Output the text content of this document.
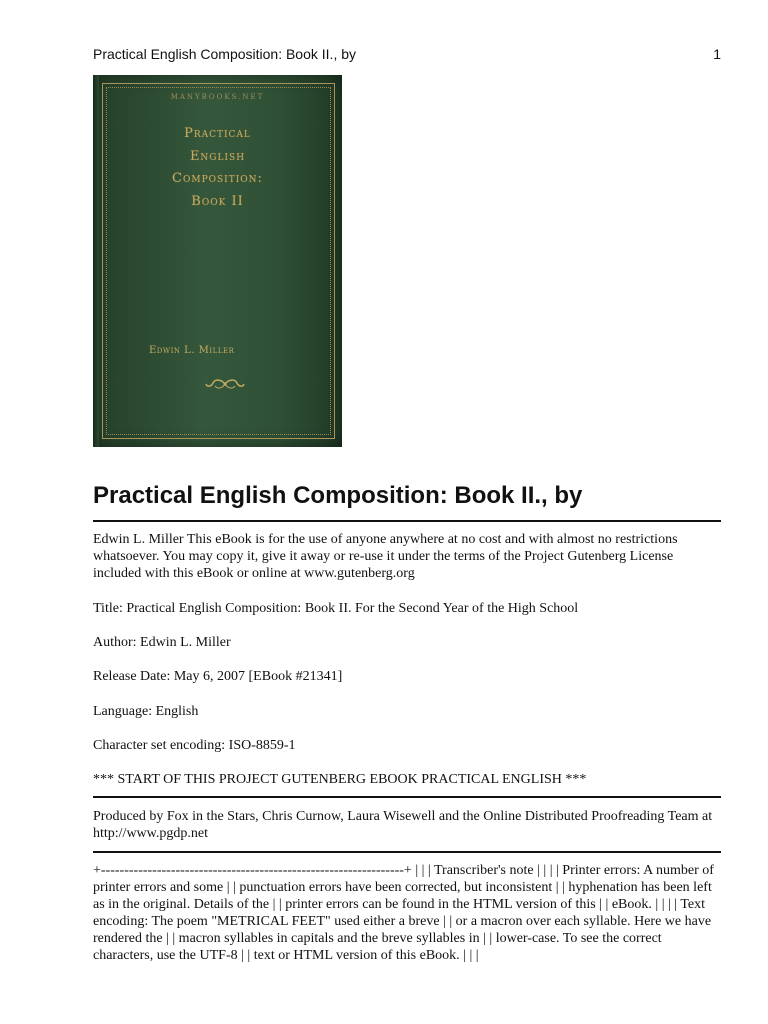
Practical English Composition: Book II., by	1
MANYBOOKS.NET
Practical
English
Composition:
Book II
Edwin L. Miller
Practical English Composition: Book II., by

Edwin L. Miller This eBook is for the use of anyone anywhere at no cost and with almost no restrictions whatsoever. You may copy it, give it away or re-use it under the terms of the Project Gutenberg License included with this eBook or online at www.gutenberg.org

Title: Practical English Composition: Book II. For the Second Year of the High School

Author: Edwin L. Miller

Release Date: May 6, 2007 [EBook #21341]

Language: English

Character set encoding: ISO-8859-1

*** START OF THIS PROJECT GUTENBERG EBOOK PRACTICAL ENGLISH ***

Produced by Fox in the Stars, Chris Curnow, Laura Wisewell and the Online Distributed Proofreading Team at http://www.pgdp.net

+-----------------------------------------------------------------+ | | | Transcriber's note | | | | Printer errors: A number of printer errors and some | | punctuation errors have been corrected, but inconsistent | | hyphenation has been left as in the original. Details of the | | printer errors can be found in the HTML version of this | | eBook. | | | | Text encoding: The poem "METRICAL FEET" used either a breve | | or a macron over each syllable. Here we have rendered the | | macron syllables in capitals and the breve syllables in | | lower-case. To see the correct characters, use the UTF-8 | | text or HTML version of this eBook. | | |
